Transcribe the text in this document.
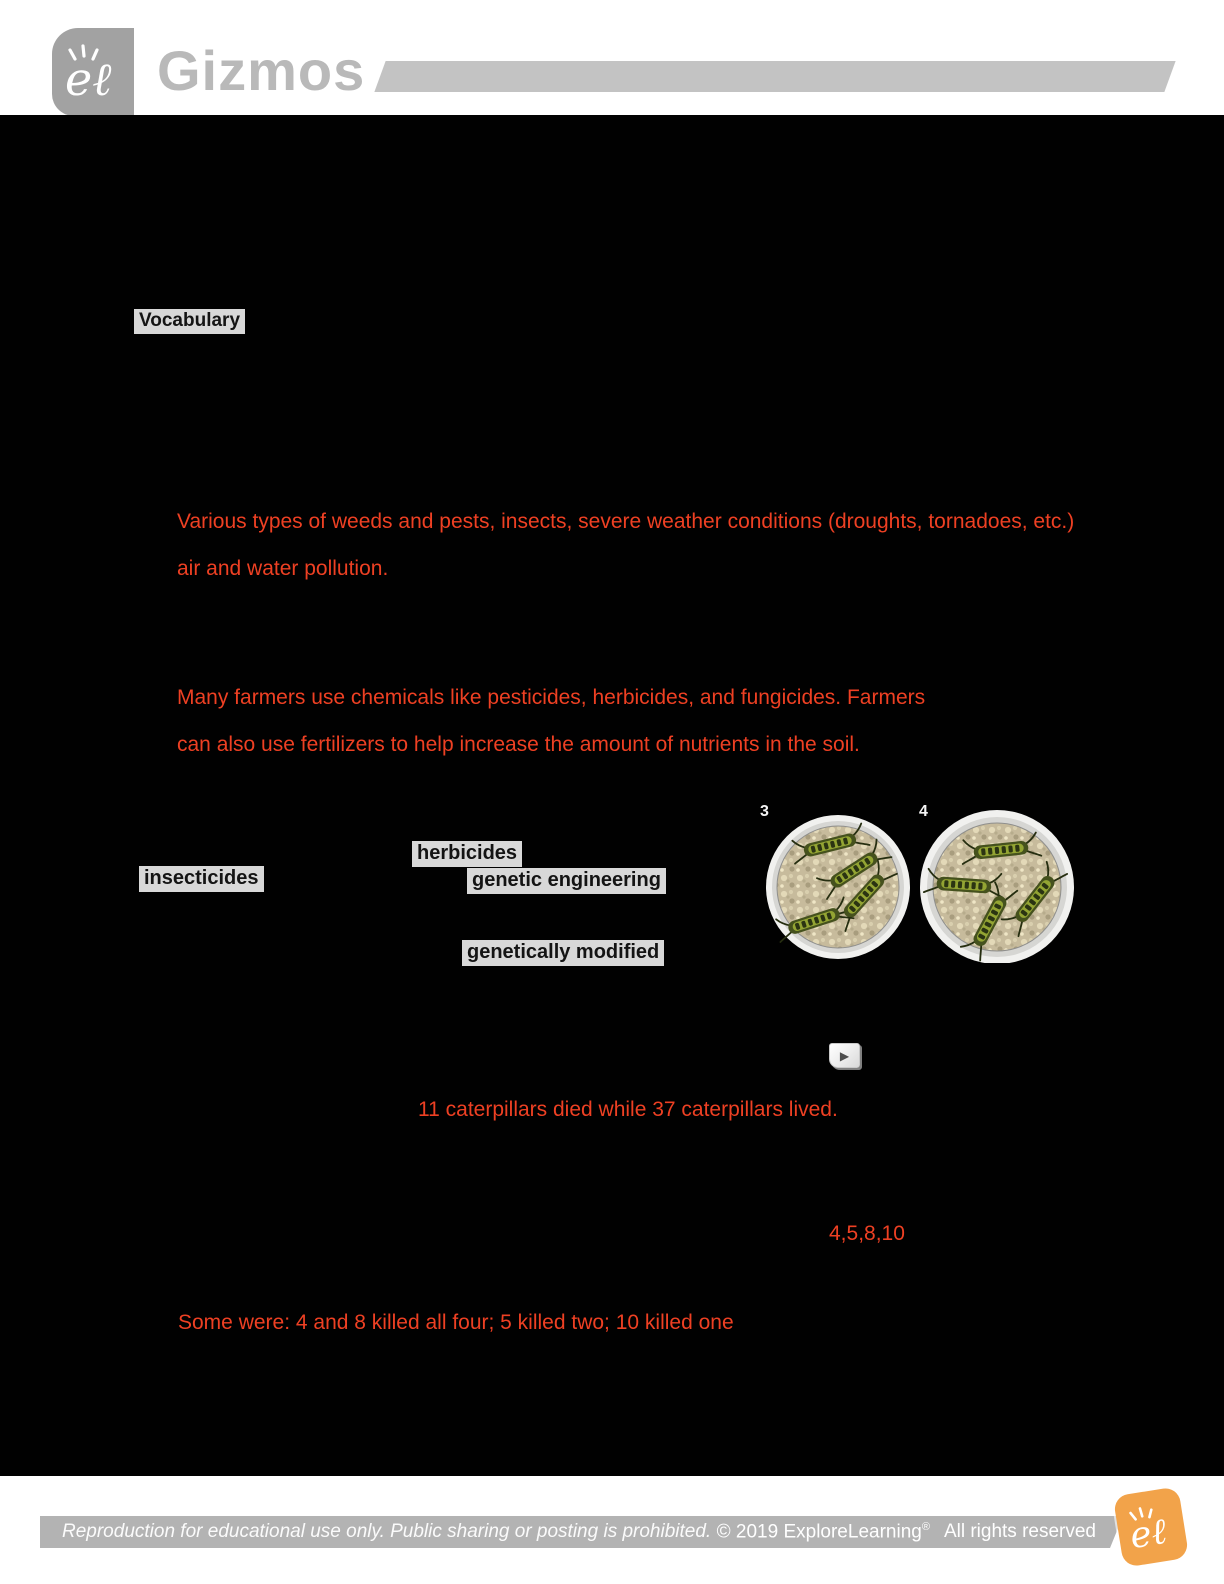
eℓ Gizmos
Vocabulary
Various types of weeds and pests, insects, severe weather conditions (droughts, tornadoes, etc.)
air and water pollution.
Many farmers use chemicals like pesticides, herbicides, and fungicides. Farmers
can also use fertilizers to help increase the amount of nutrients in the soil.
herbicides
insecticides	genetic engineering
genetically modified
3	4
▶
11 caterpillars died while 37 caterpillars lived.
4,5,8,10
Some were: 4 and 8 killed all four; 5 killed two; 10 killed one
Reproduction for educational use only. Public sharing or posting is prohibited. © 2019 ExploreLearning® All rights reserved eℓ
